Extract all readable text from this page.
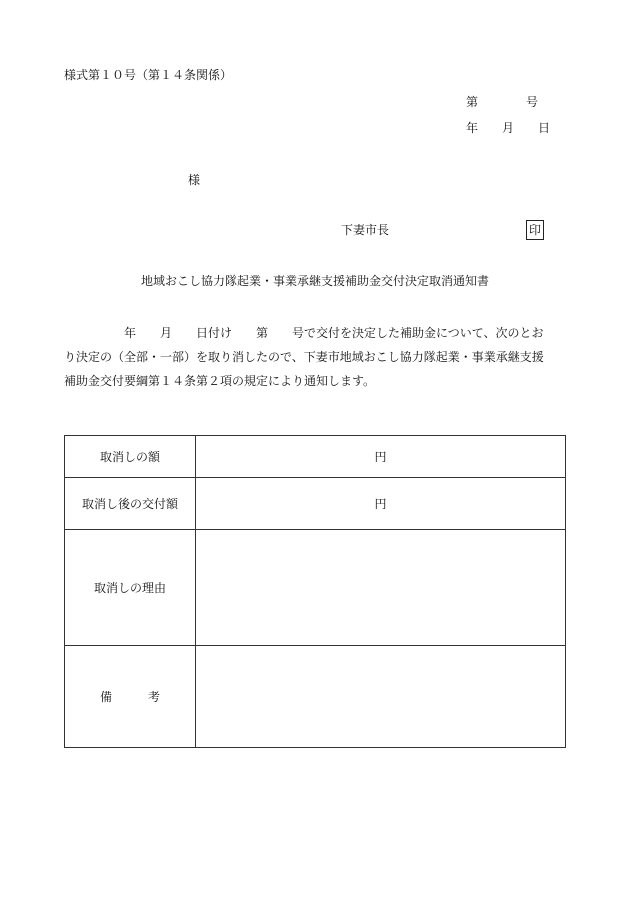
様式第１０号（第１４条関係）
第　　　　号
年　　月　　日
様
下妻市長	印
地域おこし協力隊起業・事業承継支援補助金交付決定取消通知書
　　　　　年　　月　　日付け　　第　　号で交付を決定した補助金について、次のとお
り決定の（全部・一部）を取り消したので、下妻市地域おこし協力隊起業・事業承継支援
補助金交付要綱第１４条第２項の規定により通知します。
取消しの額	円
取消し後の交付額	円
取消しの理由	
備　　　考	
